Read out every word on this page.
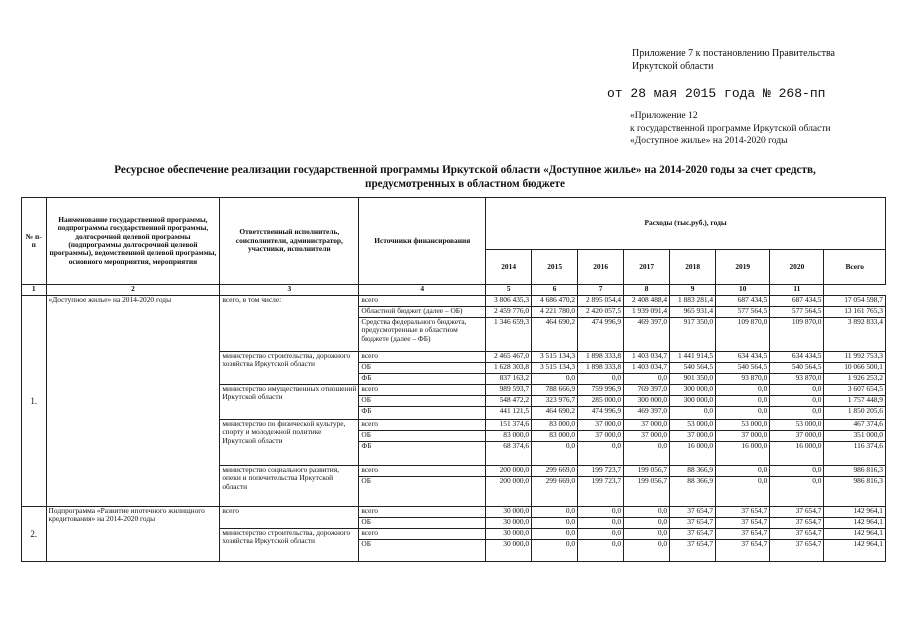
Приложение 7 к постановлению Правительства
Иркутской области
от 28 мая 2015 года № 268-пп
«Приложение 12
к государственной программе Иркутской области
«Доступное жилье» на 2014-2020 годы
Ресурсное обеспечение реализации государственной программы Иркутской области «Доступное жилье» на 2014-2020 годы за счет средств,
предусмотренных в областном бюджете
№ п-п	Наименование государственной программы, подпрограммы государственной программы, долгосрочной целевой программы (подпрограммы долгосрочной целевой программы), ведомственной целевой программы, основного мероприятия, мероприятия	Ответственный исполнитель, соисполнители, администратор, участники, исполнители	Источники финансирования	Расходы (тыс.руб.), годы							
				2014	2015	2016	2017	2018	2019	2020	Всего
1	2	3	4	5	6	7	8	9	10	11	
1.	«Доступное жилье» на 2014-2020 годы	всего, в том числе:	всего	3 806 435,3	4 686 470,2	2 895 054,4	2 408 488,4	1 883 281,4	687 434,5	687 434,5	17 054 598,7
			Областной бюджет (далее – ОБ)	2 459 776,0	4 221 780,0	2 420 057,5	1 939 091,4	965 931,4	577 564,5	577 564,5	13 161 765,3
			Средства федерального бюджета, предусмотренные в областном бюджете (далее – ФБ)	1 346 659,3	464 690,2	474 996,9	469 397,0	917 350,0	109 870,0	109 870,0	3 892 833,4
		министерство строительства, дорожного хозяйства Иркутской области	всего	2 465 467,0	3 515 134,3	1 898 333,8	1 403 034,7	1 441 914,5	634 434,5	634 434,5	11 992 753,3
			ОБ	1 628 303,8	3 515 134,3	1 898 333,8	1 403 034,7	540 564,5	540 564,5	540 564,5	10 066 500,1
			ФБ	837 163,2	0,0	0,0	0,0	901 350,0	93 870,0	93 870,0	1 926 253,2
		министерство имущественных отношений Иркутской области	всего	989 593,7	788 666,9	759 996,9	769 397,0	300 000,0	0,0	0,0	3 607 654,5
			ОБ	548 472,2	323 976,7	285 000,0	300 000,0	300 000,0	0,0	0,0	1 757 448,9
			ФБ	441 121,5	464 690,2	474 996,9	469 397,0	0,0	0,0	0,0	1 850 205,6
		министерство по физической культуре, спорту и молодежной политике Иркутской области	всего	151 374,6	83 000,0	37 000,0	37 000,0	53 000,0	53 000,0	53 000,0	467 374,6
			ОБ	83 000,0	83 000,0	37 000,0	37 000,0	37 000,0	37 000,0	37 000,0	351 000,0
			ФБ	68 374,6	0,0	0,0	0,0	16 000,0	16 000,0	16 000,0	116 374,6
		министерство социального развития, опеки и попечительства Иркутской области	всего	200 000,0	299 669,0	199 723,7	199 056,7	88 366,9	0,0	0,0	986 816,3
			ОБ	200 000,0	299 669,0	199 723,7	199 056,7	88 366,9	0,0	0,0	986 816,3
2.	Подпрограмма «Развитие ипотечного жилищного кредитования» на 2014-2020 годы	всего	всего	30 000,0	0,0	0,0	0,0	37 654,7	37 654,7	37 654,7	142 964,1
			ОБ	30 000,0	0,0	0,0	0,0	37 654,7	37 654,7	37 654,7	142 964,1
		министерство строительства, дорожного хозяйства Иркутской области	всего	30 000,0	0,0	0,0	0,0	37 654,7	37 654,7	37 654,7	142 964,1
			ОБ	30 000,0	0,0	0,0	0,0	37 654,7	37 654,7	37 654,7	142 964,1
